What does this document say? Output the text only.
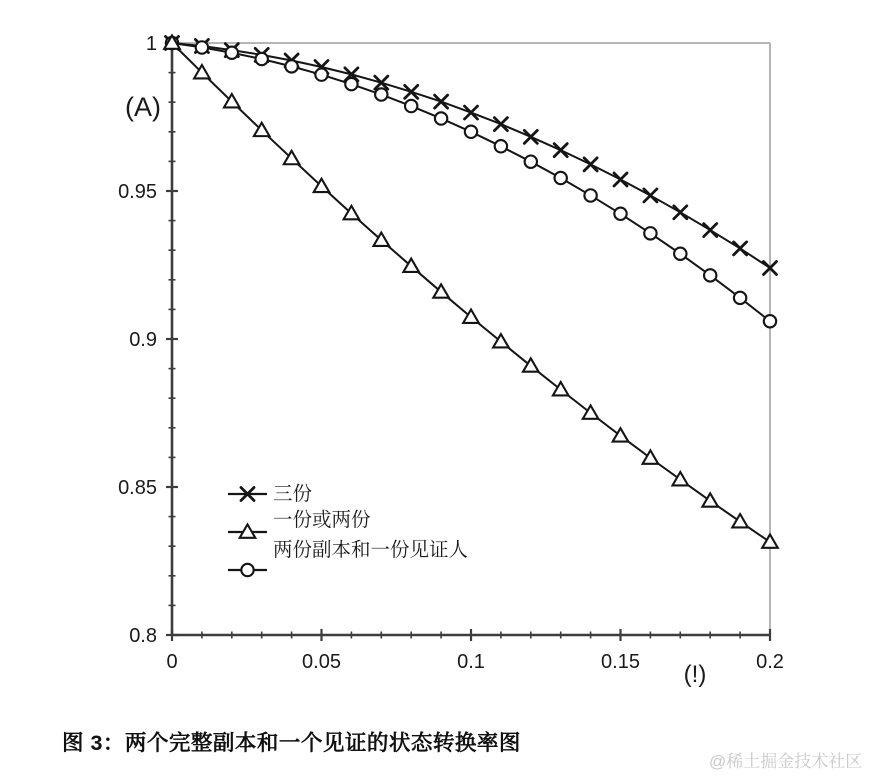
0.8
0.85
0.9
0.95
1
0	0.05	0.1	0.15	0.2
(A)
(!)
三份
一份或两份
两份副本和一份见证人
图 3：两个完整副本和一个见证的状态转换率图
@稀土掘金技术社区
